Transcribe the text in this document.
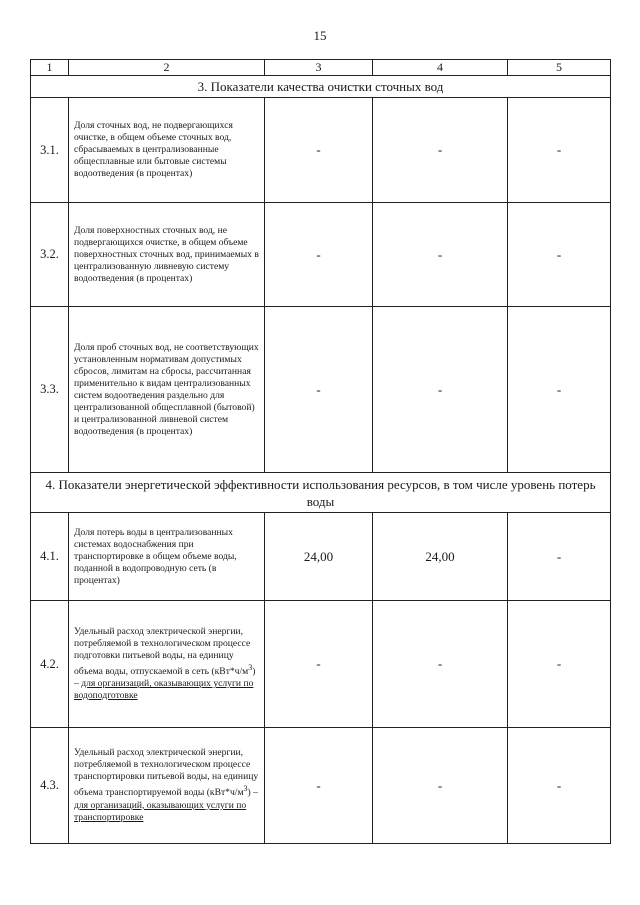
15
1	2	3	4	5
3. Показатели качества очистки сточных вод				
3.1.	Доля сточных вод, не подвергающихся очистке, в общем объеме сточных вод, сбрасываемых в централизованные общесплавные или бытовые системы водоотведения (в процентах)	-	-	-
3.2.	Доля поверхностных сточных вод, не подвергающихся очистке, в общем объеме поверхностных сточных вод, принимаемых в централизованную ливневую систему водоотведения (в процентах)	-	-	-
3.3.	Доля проб сточных вод, не соответствующих установленным нормативам допустимых сбросов, лимитам на сбросы, рассчитанная применительно к видам централизованных систем водоотведения раздельно для централизованной общесплавной (бытовой) и централизованной ливневой систем водоотведения (в процентах)	-	-	-
4. Показатели энергетической эффективности использования ресурсов, в том числе уровень потерь воды				
4.1.	Доля потерь воды в централизованных системах водоснабжения при транспортировке в общем объеме воды, поданной в водопроводную сеть (в процентах)	24,00	24,00	-
4.2.	Удельный расход электрической энергии, потребляемой в технологическом процессе подготовки питьевой воды, на единицу объема воды, отпускаемой в сеть $(кВт*ч/м^3)$ – для организаций, оказывающих услуги по водоподготовке	-	-	-
4.3.	Удельный расход электрической энергии, потребляемой в технологическом процессе транспортировки питьевой воды, на единицу объема транспортируемой воды $(кВт*ч/м^3)$ – для организаций, оказывающих услуги по транспортировке	-	-	-
